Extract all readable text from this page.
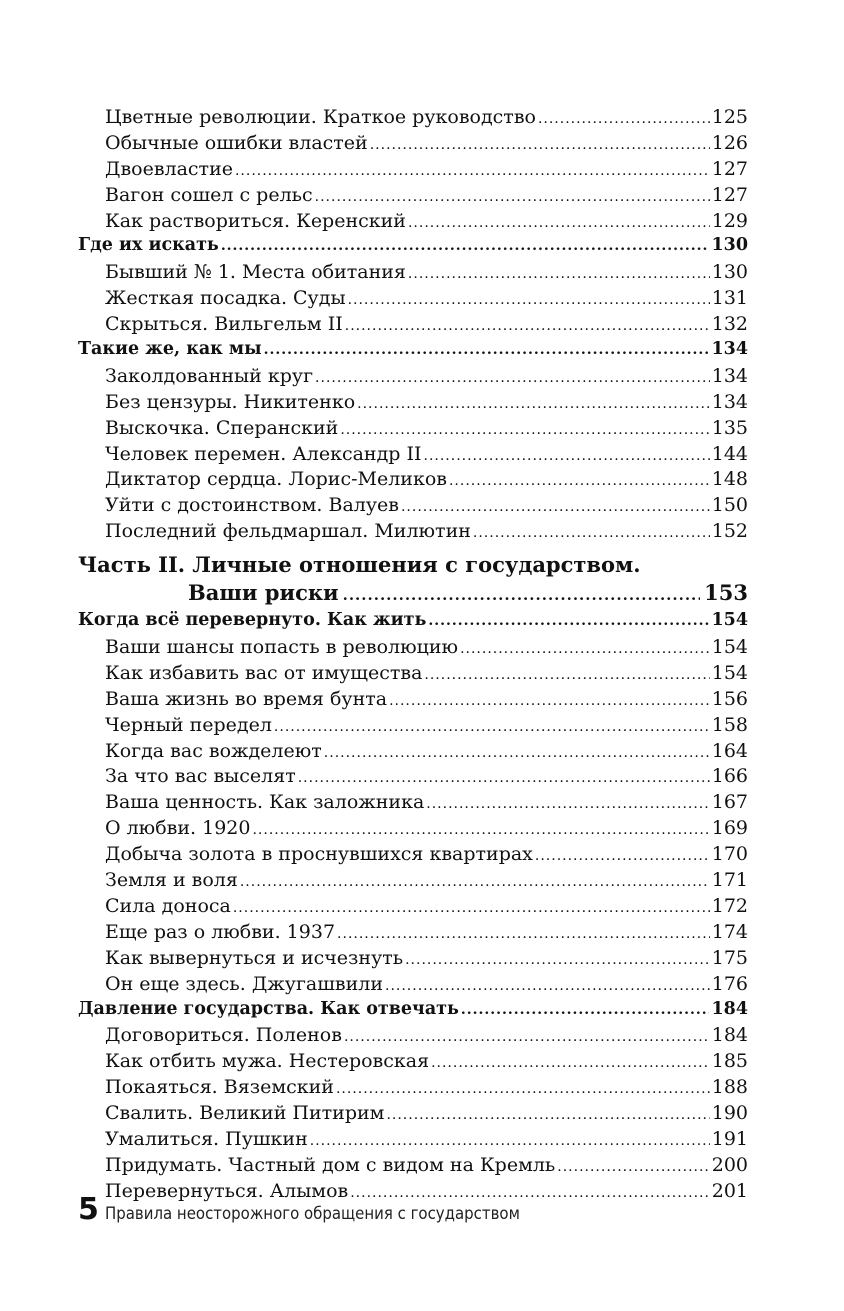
Цветные революции. Краткое руководство .....	125
Обычные ошибки властей .....	126
Двоевластие .....	127
Вагон сошел с рельс .....	127
Как раствориться. Керенский .....	129
Где их искать .....	130
Бывший № 1. Места обитания .....	130
Жесткая посадка. Суды .....	131
Скрыться. Вильгельм II .....	132
Такие же, как мы .....	134
Заколдованный круг .....	134
Без цензуры. Никитенко .....	134
Выскочка. Сперанский .....	135
Человек перемен. Александр II .....	144
Диктатор сердца. Лорис-Меликов .....	148
Уйти с достоинством. Валуев .....	150
Последний фельдмаршал. Милютин .....	152
Часть II. Личные отношения с государством.
Ваши риски .....	153
Когда всё перевернуто. Как жить .....	154
Ваши шансы попасть в революцию .....	154
Как избавить вас от имущества .....	154
Ваша жизнь во время бунта .....	156
Черный передел .....	158
Когда вас вожделеют .....	164
За что вас выселят .....	166
Ваша ценность. Как заложника .....	167
О любви. 1920 .....	169
Добыча золота в проснувшихся квартирах .....	170
Земля и воля .....	171
Сила доноса .....	172
Еще раз о любви. 1937 .....	174
Как вывернуться и исчезнуть .....	175
Он еще здесь. Джугашвили .....	176
Давление государства. Как отвечать .....	184
Договориться. Поленов .....	184
Как отбить мужа. Нестеровская .....	185
Покаяться. Вяземский .....	188
Свалить. Великий Питирим .....	190
Умалиться. Пушкин .....	191
Придумать. Частный дом с видом на Кремль .....	200
Перевернуться. Алымов .....	201
5 Правила неосторожного обращения с государством
